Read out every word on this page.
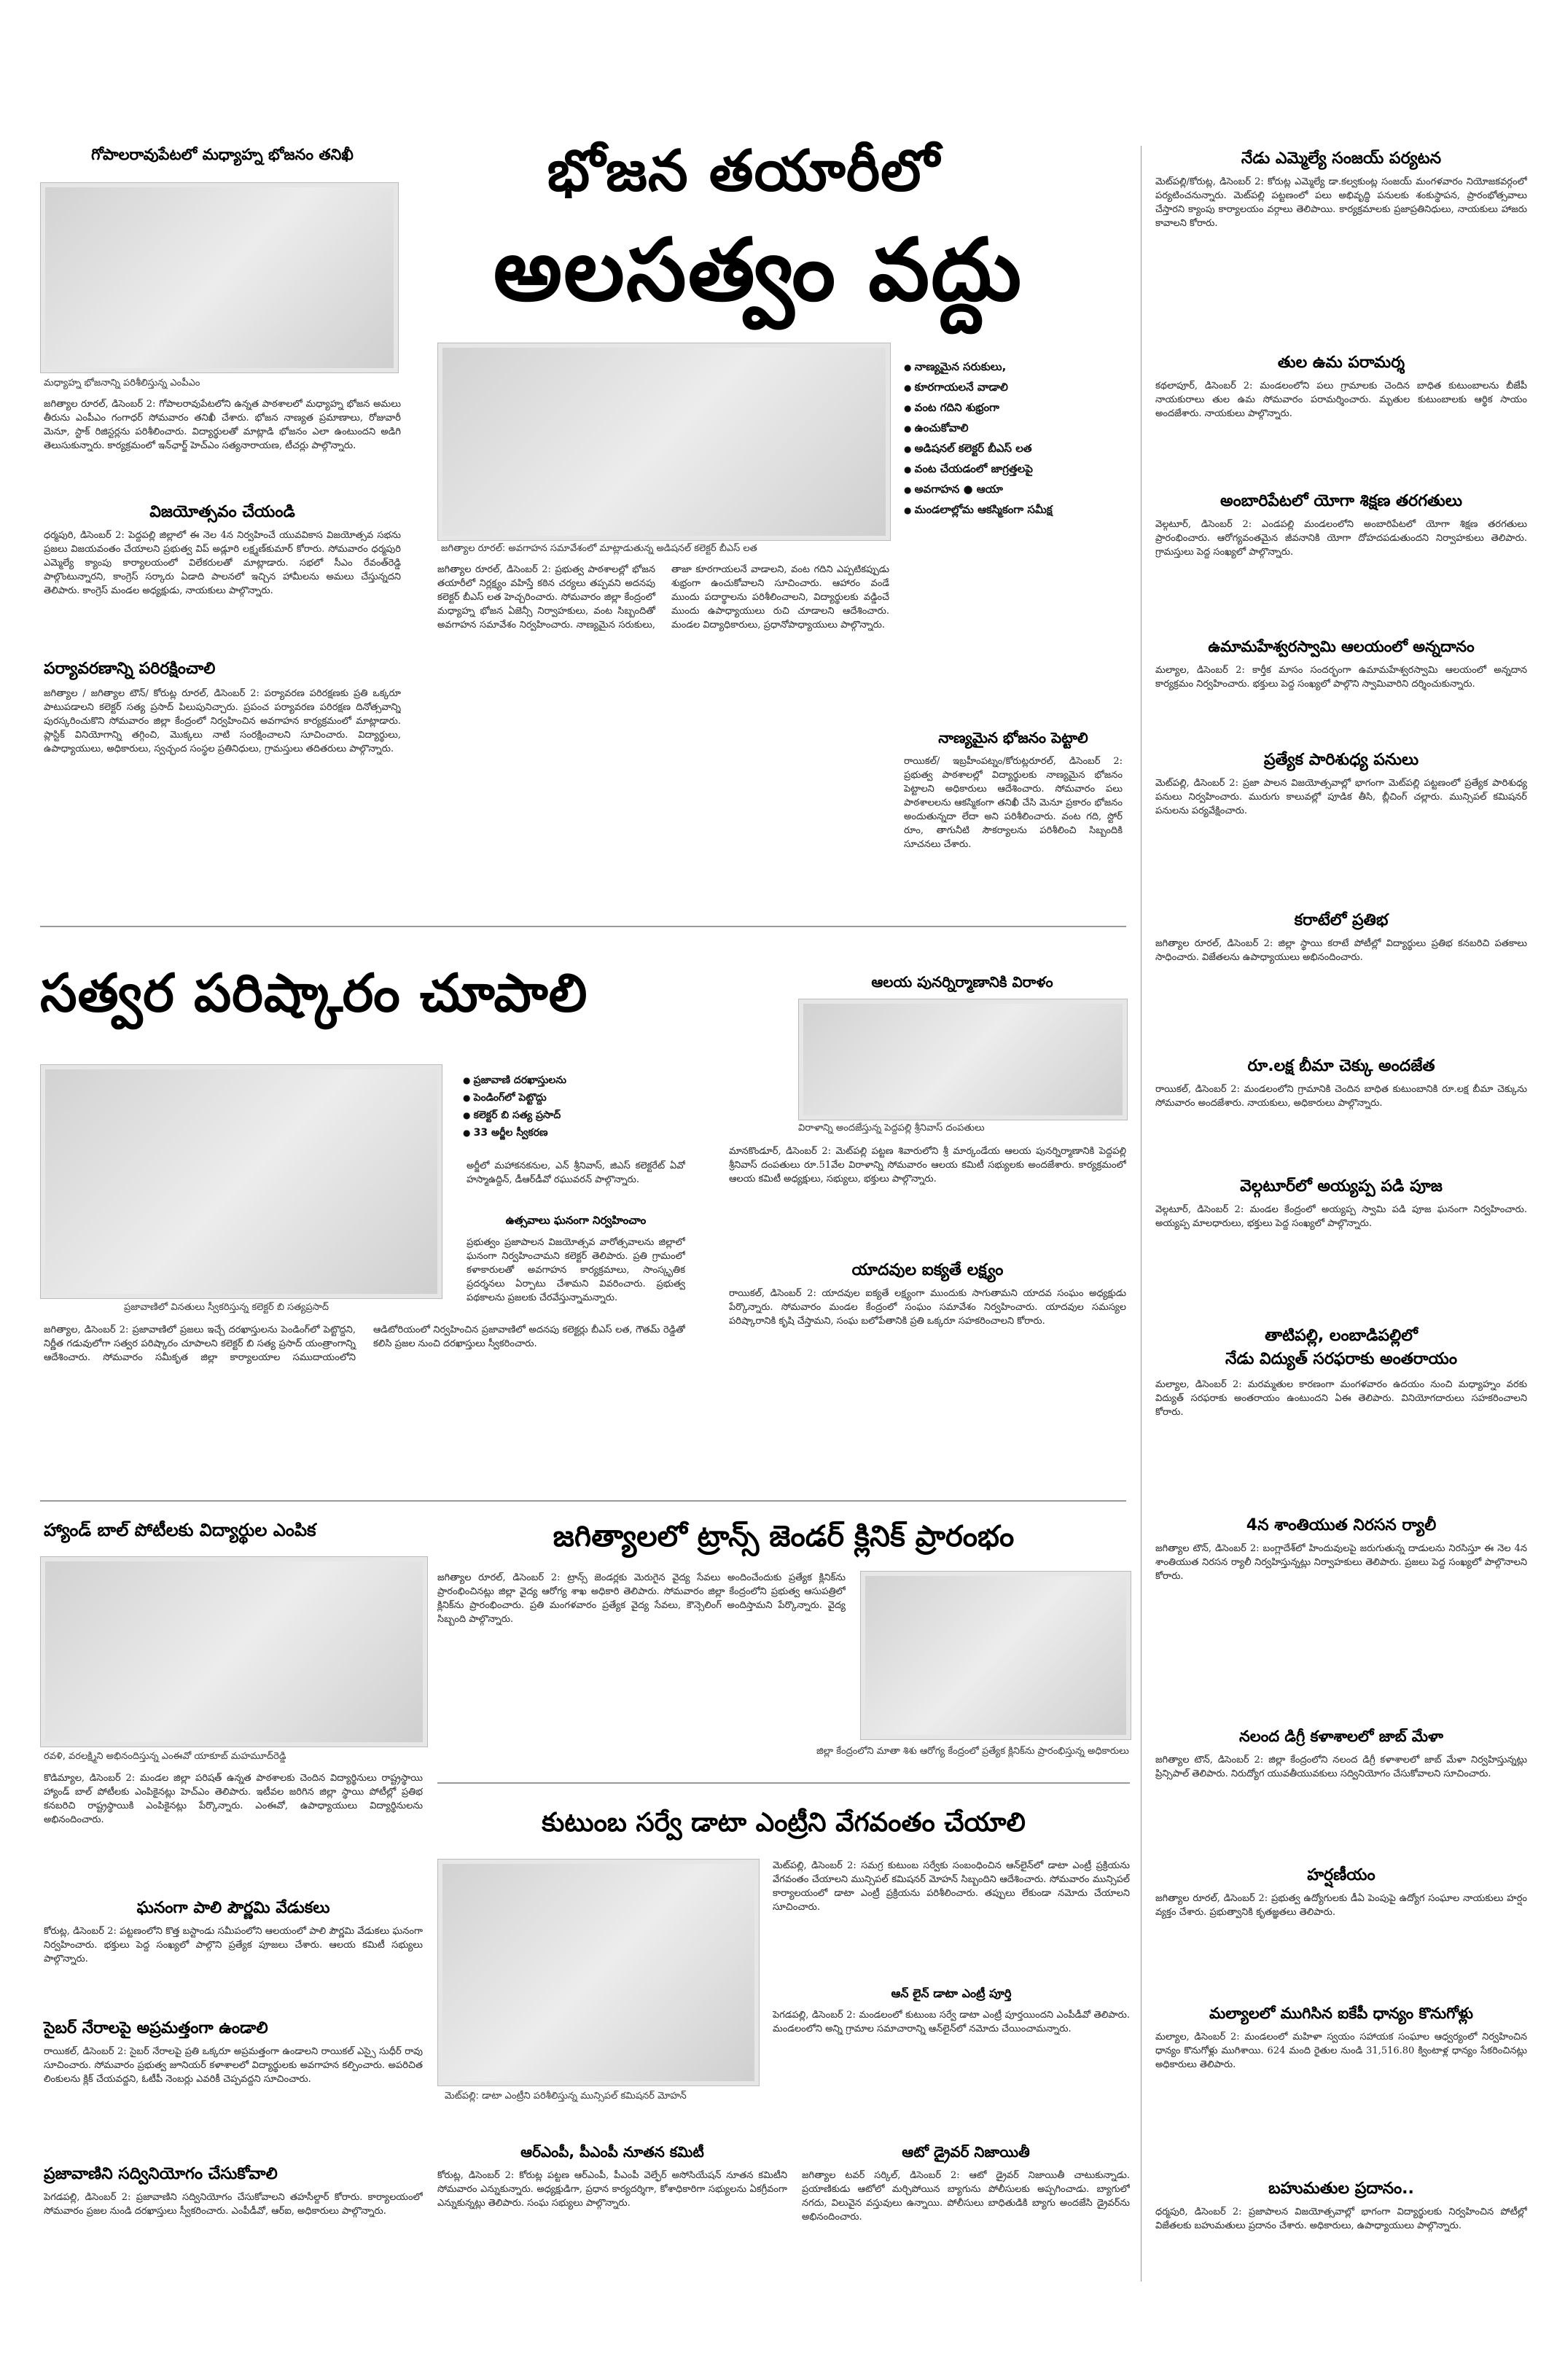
గోపాలరావుపేటలో మధ్యాహ్న భోజనం తనిఖీ
మధ్యాహ్న భోజనాన్ని పరిశీలిస్తున్న ఎంపీఎం
జగిత్యాల రూరల్, డిసెంబర్ 2: గోపాలరావుపేటలోని ఉన్నత పాఠశాలలో మధ్యాహ్న భోజన అమలు తీరును ఎంపీఎం గంగాధర్ సోమవారం తనిఖీ చేశారు. భోజన నాణ్యత ప్రమాణాలు, రోజువారీ మెనూ, స్టాక్ రిజిస్టర్లను పరిశీలించారు. విద్యార్థులతో మాట్లాడి భోజనం ఎలా ఉంటుందని అడిగి తెలుసుకున్నారు. కార్యక్రమంలో ఇన్‌ఛార్జ్ హెచ్‌ఎం సత్యనారాయణ, టీచర్లు పాల్గొన్నారు.
విజయోత్సవం చేయండి
ధర్మపురి, డిసెంబర్ 2: పెద్దపల్లి జిల్లాలో ఈ నెల 4న నిర్వహించే యువవికాస విజయోత్సవ సభను ప్రజలు విజయవంతం చేయాలని ప్రభుత్వ విప్ అడ్లూరి లక్ష్మణ్‌కుమార్ కోరారు. సోమవారం ధర్మపురి ఎమ్మెల్యే క్యాంపు కార్యాలయంలో విలేకరులతో మాట్లాడారు. సభలో సీఎం రేవంత్‌రెడ్డి పాల్గొంటున్నారని, కాంగ్రెస్ సర్కారు ఏడాది పాలనలో ఇచ్చిన హామీలను అమలు చేస్తున్నదని తెలిపారు. కాంగ్రెస్ మండల అధ్యక్షుడు, నాయకులు పాల్గొన్నారు.
పర్యావరణాన్ని పరిరక్షించాలి
జగిత్యాల / జగిత్యాల టౌన్/ కోరుట్ల రూరల్, డిసెంబర్ 2: పర్యావరణ పరిరక్షణకు ప్రతి ఒక్కరూ పాటుపడాలని కలెక్టర్ సత్య ప్రసాద్ పిలుపునిచ్చారు. ప్రపంచ పర్యావరణ పరిరక్షణ దినోత్సవాన్ని పురస్కరించుకొని సోమవారం జిల్లా కేంద్రంలో నిర్వహించిన అవగాహన కార్యక్రమంలో మాట్లాడారు. ప్లాస్టిక్ వినియోగాన్ని తగ్గించి, మొక్కలు నాటి సంరక్షించాలని సూచించారు. విద్యార్థులు, ఉపాధ్యాయులు, అధికారులు, స్వచ్ఛంద సంస్థల ప్రతినిధులు, గ్రామస్తులు తదితరులు పాల్గొన్నారు.
సత్వర పరిష్కారం చూపాలి
ప్రజావాణిలో వినతులు స్వీకరిస్తున్న కలెక్టర్ బి సత్యప్రసాద్
జగిత్యాల, డిసెంబర్ 2: ప్రజావాణిలో ప్రజలు ఇచ్చే దరఖాస్తులను పెండింగ్‌లో పెట్టొద్దని, నిర్ణీత గడువులోగా సత్వర పరిష్కారం చూపాలని కలెక్టర్ బి సత్య ప్రసాద్ యంత్రాంగాన్ని ఆదేశించారు. సోమవారం సమీకృత జిల్లా కార్యాలయాల సముదాయంలోని ఆడిటోరియంలో నిర్వహించిన ప్రజావాణిలో అదనపు కలెక్టర్లు బీఎస్ లత, గౌతమ్ రెడ్డితో కలిసి ప్రజల నుంచి దరఖాస్తులు స్వీకరించారు.
హ్యాండ్ బాల్ పోటీలకు విద్యార్థుల ఎంపిక
రవళి, వరలక్ష్మిని అభినందిస్తున్న ఎంఈవో యాకూబ్ మహమూద్‌రెడ్డి
కొడిమ్యాల, డిసెంబర్ 2: మండల జిల్లా పరిషత్ ఉన్నత పాఠశాలకు చెందిన విద్యార్థినులు రాష్ట్రస్థాయి హ్యాండ్ బాల్ పోటీలకు ఎంపికైనట్లు హెచ్‌ఎం తెలిపారు. ఇటీవల జరిగిన జిల్లా స్థాయి పోటీల్లో ప్రతిభ కనబరిచి రాష్ట్రస్థాయికి ఎంపికైనట్లు పేర్కొన్నారు. ఎంఈవో, ఉపాధ్యాయులు విద్యార్థినులను అభినందించారు.
ఘనంగా పాలి పౌర్ణమి వేడుకలు
కోరుట్ల, డిసెంబర్ 2: పట్టణంలోని కొత్త బస్టాండు సమీపంలోని ఆలయంలో పాలి పౌర్ణమి వేడుకలు ఘనంగా నిర్వహించారు. భక్తులు పెద్ద సంఖ్యలో పాల్గొని ప్రత్యేక పూజలు చేశారు. ఆలయ కమిటీ సభ్యులు పాల్గొన్నారు.
సైబర్ నేరాలపై అప్రమత్తంగా ఉండాలి
రాయికల్, డిసెంబర్ 2: సైబర్ నేరాలపై ప్రతి ఒక్కరూ అప్రమత్తంగా ఉండాలని రాయికల్ ఎస్సై సుధీర్ రావు సూచించారు. సోమవారం ప్రభుత్వ జూనియర్ కళాశాలలో విద్యార్థులకు అవగాహన కల్పించారు. అపరిచిత లింకులను క్లిక్ చేయవద్దని, ఓటీపీ నెంబర్లు ఎవరికీ చెప్పవద్దని సూచించారు.
ప్రజావాణిని సద్వినియోగం చేసుకోవాలి
పెగడపల్లి, డిసెంబర్ 2: ప్రజావాణిని సద్వినియోగం చేసుకోవాలని తహసీల్దార్ కోరారు. కార్యాలయంలో సోమవారం ప్రజల నుండి దరఖాస్తులు స్వీకరించారు. ఎంపీడీవో, ఆర్‌ఐ, అధికారులు పాల్గొన్నారు.
భోజన తయారీలో
అలసత్వం వద్దు
● నాణ్యమైన సరుకులు,
● కూరగాయలనే వాడాలి
● వంట గదిని శుభ్రంగా
● ఉంచుకోవాలి
● అడిషనల్ కలెక్టర్ బీఎస్ లత
● వంట చేయడంలో జాగ్రత్తలపై
● అవగాహన ● ఆయా
● మండలాల్లోమ ఆకస్మికంగా సమీక్ష
జగిత్యాల రూరల్: అవగాహన సమావేశంలో మాట్లాడుతున్న అడిషనల్ కలెక్టర్ బీఎస్ లత
జగిత్యాల రూరల్, డిసెంబర్ 2: ప్రభుత్వ పాఠశాలల్లో భోజన తయారీలో నిర్లక్ష్యం వహిస్తే కఠిన చర్యలు తప్పవని అదనపు కలెక్టర్ బీఎస్ లత హెచ్చరించారు. సోమవారం జిల్లా కేంద్రంలో మధ్యాహ్న భోజన ఏజెన్సీ నిర్వాహకులు, వంట సిబ్బందితో అవగాహన సమావేశం నిర్వహించారు. నాణ్యమైన సరుకులు, తాజా కూరగాయలనే వాడాలని, వంట గదిని ఎప్పటికప్పుడు శుభ్రంగా ఉంచుకోవాలని సూచించారు. ఆహారం వండే ముందు పదార్థాలను పరిశీలించాలని, విద్యార్థులకు వడ్డించే ముందు ఉపాధ్యాయులు రుచి చూడాలని ఆదేశించారు. మండల విద్యాధికారులు, ప్రధానోపాధ్యాయులు పాల్గొన్నారు.
నాణ్యమైన భోజనం పెట్టాలి
రాయికల్/ ఇబ్రహీంపట్నం/కోరుట్లరూరల్, డిసెంబర్ 2: ప్రభుత్వ పాఠశాలల్లో విద్యార్థులకు నాణ్యమైన భోజనం పెట్టాలని అధికారులు ఆదేశించారు. సోమవారం పలు పాఠశాలలను ఆకస్మికంగా తనిఖీ చేసి మెనూ ప్రకారం భోజనం అందుతున్నదా లేదా అని పరిశీలించారు. వంట గది, స్టోర్ రూం, తాగునీటి సౌకర్యాలను పరిశీలించి సిబ్బందికి సూచనలు చేశారు.
ఆలయ పునర్నిర్మాణానికి విరాళం
● ప్రజావాణి దరఖాస్తులను
● పెండింగ్‌లో పెట్టొద్దు
● కలెక్టర్ బి సత్య ప్రసాద్
● 33 అర్జీల స్వీకరణ
అర్జీలో మహాకనకనుల, ఎన్ శ్రీనివాస్, జిఎస్ కలెక్టరేట్ ఏవో హస్మాఉద్దిన్, డీఆర్‌డీవో రఘువరన్ పాల్గొన్నారు.
ఉత్సవాలు ఘనంగా నిర్వహించాం
ప్రభుత్వం ప్రజాపాలన విజయోత్సవ వారోత్సవాలను జిల్లాలో ఘనంగా నిర్వహించామని కలెక్టర్ తెలిపారు. ప్రతి గ్రామంలో కళాకారులతో అవగాహన కార్యక్రమాలు, సాంస్కృతిక ప్రదర్శనలు ఏర్పాటు చేశామని వివరించారు. ప్రభుత్వ పథకాలను ప్రజలకు చేరవేస్తున్నామన్నారు.
విరాళాన్ని అందజేస్తున్న పెద్దపల్లి శ్రీనివాస్ దంపతులు
మానకొండూర్, డిసెంబర్ 2: మెట్‌పల్లి పట్టణ శివారులోని శ్రీ మార్కండేయ ఆలయ పునర్నిర్మాణానికి పెద్దపల్లి శ్రీనివాస్ దంపతులు రూ.51వేల విరాళాన్ని సోమవారం ఆలయ కమిటీ సభ్యులకు అందజేశారు. కార్యక్రమంలో ఆలయ కమిటీ అధ్యక్షులు, సభ్యులు, భక్తులు పాల్గొన్నారు.
యాదవుల ఐక్యతే లక్ష్యం
రాయికల్, డిసెంబర్ 2: యాదవుల ఐక్యతే లక్ష్యంగా ముందుకు సాగుతామని యాదవ సంఘం అధ్యక్షుడు పేర్కొన్నారు. సోమవారం మండల కేంద్రంలో సంఘం సమావేశం నిర్వహించారు. యాదవుల సమస్యల పరిష్కారానికి కృషి చేస్తామని, సంఘ బలోపేతానికి ప్రతి ఒక్కరూ సహకరించాలని కోరారు.
జగిత్యాలలో ట్రాన్స్ జెండర్ క్లినిక్ ప్రారంభం
జగిత్యాల రూరల్, డిసెంబర్ 2: ట్రాన్స్ జెండర్లకు మెరుగైన వైద్య సేవలు అందించేందుకు ప్రత్యేక క్లినిక్‌ను ప్రారంభించినట్లు జిల్లా వైద్య ఆరోగ్య శాఖ అధికారి తెలిపారు. సోమవారం జిల్లా కేంద్రంలోని ప్రభుత్వ ఆసుపత్రిలో క్లినిక్‌ను ప్రారంభించారు. ప్రతి మంగళవారం ప్రత్యేక వైద్య సేవలు, కౌన్సెలింగ్ అందిస్తామని పేర్కొన్నారు. వైద్య సిబ్బంది పాల్గొన్నారు.
జిల్లా కేంద్రంలోని మాతా శిశు ఆరోగ్య కేంద్రంలో ప్రత్యేక క్లినిక్‌ను ప్రారంభిస్తున్న అధికారులు
కుటుంబ సర్వే డాటా ఎంట్రీని వేగవంతం చేయాలి
మెట్‌పల్లి: డాటా ఎంట్రీని పరిశీలిస్తున్న మున్సిపల్ కమిషనర్ మోహన్
మెట్‌పల్లి, డిసెంబర్ 2: సమగ్ర కుటుంబ సర్వేకు సంబంధించిన ఆన్‌లైన్‌లో డాటా ఎంట్రీ ప్రక్రియను వేగవంతం చేయాలని మున్సిపల్ కమిషనర్ మోహన్ సిబ్బందిని ఆదేశించారు. సోమవారం మున్సిపల్ కార్యాలయంలో డాటా ఎంట్రీ ప్రక్రియను పరిశీలించారు. తప్పులు లేకుండా నమోదు చేయాలని సూచించారు.
ఆన్ లైన్ డాటా ఎంట్రీ పూర్తి
పెగడపల్లి, డిసెంబర్ 2: మండలంలో కుటుంబ సర్వే డాటా ఎంట్రీ పూర్తయిందని ఎంపీడీవో తెలిపారు. మండలంలోని అన్ని గ్రామాల సమాచారాన్ని ఆన్‌లైన్‌లో నమోదు చేయించామన్నారు.
ఆర్ఎంపీ, పీఎంపీ నూతన కమిటీ
కోరుట్ల, డిసెంబర్ 2: కోరుట్ల పట్టణ ఆర్ఎంపీ, పీఎంపీ వెల్ఫేర్ అసోసియేషన్ నూతన కమిటీని సోమవారం ఎన్నుకున్నారు. అధ్యక్షుడిగా, ప్రధాన కార్యదర్శిగా, కోశాధికారిగా సభ్యులను ఏకగ్రీవంగా ఎన్నుకున్నట్లు తెలిపారు. సంఘ సభ్యులు పాల్గొన్నారు.
ఆటో డ్రైవర్ నిజాయితీ
జగిత్యాల టవర్ సర్కిల్, డిసెంబర్ 2: ఆటో డ్రైవర్ నిజాయితీ చాటుకున్నాడు. ప్రయాణికుడు ఆటోలో మర్చిపోయిన బ్యాగును పోలీసులకు అప్పగించాడు. బ్యాగులో నగదు, విలువైన వస్తువులు ఉన్నాయి. పోలీసులు బాధితుడికి బ్యాగు అందజేసి డ్రైవర్‌ను అభినందించారు.
నేడు ఎమ్మెల్యే సంజయ్ పర్యటన
మెట్‌పల్లి/కోరుట్ల, డిసెంబర్ 2: కోరుట్ల ఎమ్మెల్యే డా.కల్వకుంట్ల సంజయ్ మంగళవారం నియోజకవర్గంలో పర్యటించనున్నారు. మెట్‌పల్లి పట్టణంలో పలు అభివృద్ధి పనులకు శంకుస్థాపన, ప్రారంభోత్సవాలు చేస్తారని క్యాంపు కార్యాలయం వర్గాలు తెలిపాయి. కార్యక్రమాలకు ప్రజాప్రతినిధులు, నాయకులు హాజరు కావాలని కోరారు.
తుల ఉమ పరామర్శ
కథలాపూర్, డిసెంబర్ 2: మండలంలోని పలు గ్రామాలకు చెందిన బాధిత కుటుంబాలను బీజేపీ నాయకురాలు తుల ఉమ సోమవారం పరామర్శించారు. మృతుల కుటుంబాలకు ఆర్థిక సాయం అందజేశారు. నాయకులు పాల్గొన్నారు.
అంబారిపేటలో యోగా శిక్షణ తరగతులు
వెల్గటూర్, డిసెంబర్ 2: ఎండపల్లి మండలంలోని అంబారిపేటలో యోగా శిక్షణ తరగతులు ప్రారంభించారు. ఆరోగ్యవంతమైన జీవనానికి యోగా దోహదపడుతుందని నిర్వాహకులు తెలిపారు. గ్రామస్తులు పెద్ద సంఖ్యలో పాల్గొన్నారు.
ఉమామహేశ్వరస్వామి ఆలయంలో అన్నదానం
మల్యాల, డిసెంబర్ 2: కార్తీక మాసం సందర్భంగా ఉమామహేశ్వరస్వామి ఆలయంలో అన్నదాన కార్యక్రమం నిర్వహించారు. భక్తులు పెద్ద సంఖ్యలో పాల్గొని స్వామివారిని దర్శించుకున్నారు.
ప్రత్యేక పారిశుధ్య పనులు
మెట్‌పల్లి, డిసెంబర్ 2: ప్రజా పాలన విజయోత్సవాల్లో భాగంగా మెట్‌పల్లి పట్టణంలో ప్రత్యేక పారిశుధ్య పనులు నిర్వహించారు. మురుగు కాలువల్లో పూడిక తీసి, బ్లీచింగ్ చల్లారు. మున్సిపల్ కమిషనర్ పనులను పర్యవేక్షించారు.
కరాటేలో ప్రతిభ
జగిత్యాల రూరల్, డిసెంబర్ 2: జిల్లా స్థాయి కరాటే పోటీల్లో విద్యార్థులు ప్రతిభ కనబరిచి పతకాలు సాధించారు. విజేతలను ఉపాధ్యాయులు అభినందించారు.
రూ.లక్ష బీమా చెక్కు అందజేత
రాయికల్, డిసెంబర్ 2: మండలంలోని గ్రామానికి చెందిన బాధిత కుటుంబానికి రూ.లక్ష బీమా చెక్కును సోమవారం అందజేశారు. నాయకులు, అధికారులు పాల్గొన్నారు.
వెల్గటూర్‌లో అయ్యప్ప పడి పూజ
వెల్గటూర్, డిసెంబర్ 2: మండల కేంద్రంలో అయ్యప్ప స్వామి పడి పూజ ఘనంగా నిర్వహించారు. అయ్యప్ప మాలధారులు, భక్తులు పెద్ద సంఖ్యలో పాల్గొన్నారు.
తాటిపల్లి, లంబాడిపల్లిలో
నేడు విద్యుత్ సరఫరాకు అంతరాయం
మల్యాల, డిసెంబర్ 2: మరమ్మతుల కారణంగా మంగళవారం ఉదయం నుంచి మధ్యాహ్నం వరకు విద్యుత్ సరఫరాకు అంతరాయం ఉంటుందని ఏఈ తెలిపారు. వినియోగదారులు సహకరించాలని కోరారు.
4న శాంతియుత నిరసన ర్యాలీ
జగిత్యాల టౌన్, డిసెంబర్ 2: బంగ్లాదేశ్‌లో హిందువులపై జరుగుతున్న దాడులను నిరసిస్తూ ఈ నెల 4న శాంతియుత నిరసన ర్యాలీ నిర్వహిస్తున్నట్లు నిర్వాహకులు తెలిపారు. ప్రజలు పెద్ద సంఖ్యలో పాల్గొనాలని కోరారు.
నలంద డిగ్రీ కళాశాలలో జాబ్ మేళా
జగిత్యాల టౌన్, డిసెంబర్ 2: జిల్లా కేంద్రంలోని నలంద డిగ్రీ కళాశాలలో జాబ్ మేళా నిర్వహిస్తున్నట్లు ప్రిన్సిపాల్ తెలిపారు. నిరుద్యోగ యువతీయువకులు సద్వినియోగం చేసుకోవాలని సూచించారు.
హర్షణీయం
జగిత్యాల రూరల్, డిసెంబర్ 2: ప్రభుత్వ ఉద్యోగులకు డీఏ పెంపుపై ఉద్యోగ సంఘాల నాయకులు హర్షం వ్యక్తం చేశారు. ప్రభుత్వానికి కృతజ్ఞతలు తెలిపారు.
మల్యాలలో ముగిసిన ఐకేపీ ధాన్యం కొనుగోళ్లు
మల్యాల, డిసెంబర్ 2: మండలంలో మహిళా స్వయం సహాయక సంఘాల ఆధ్వర్యంలో నిర్వహించిన ధాన్యం కొనుగోళ్లు ముగిశాయి. 624 మంది రైతుల నుండి 31,516.80 క్వింటాళ్ల ధాన్యం సేకరించినట్లు అధికారులు తెలిపారు.
బహుమతుల ప్రదానం..
ధర్మపురి, డిసెంబర్ 2: ప్రజాపాలన విజయోత్సవాల్లో భాగంగా విద్యార్థులకు నిర్వహించిన పోటీల్లో విజేతలకు బహుమతులు ప్రదానం చేశారు. అధికారులు, ఉపాధ్యాయులు పాల్గొన్నారు.
